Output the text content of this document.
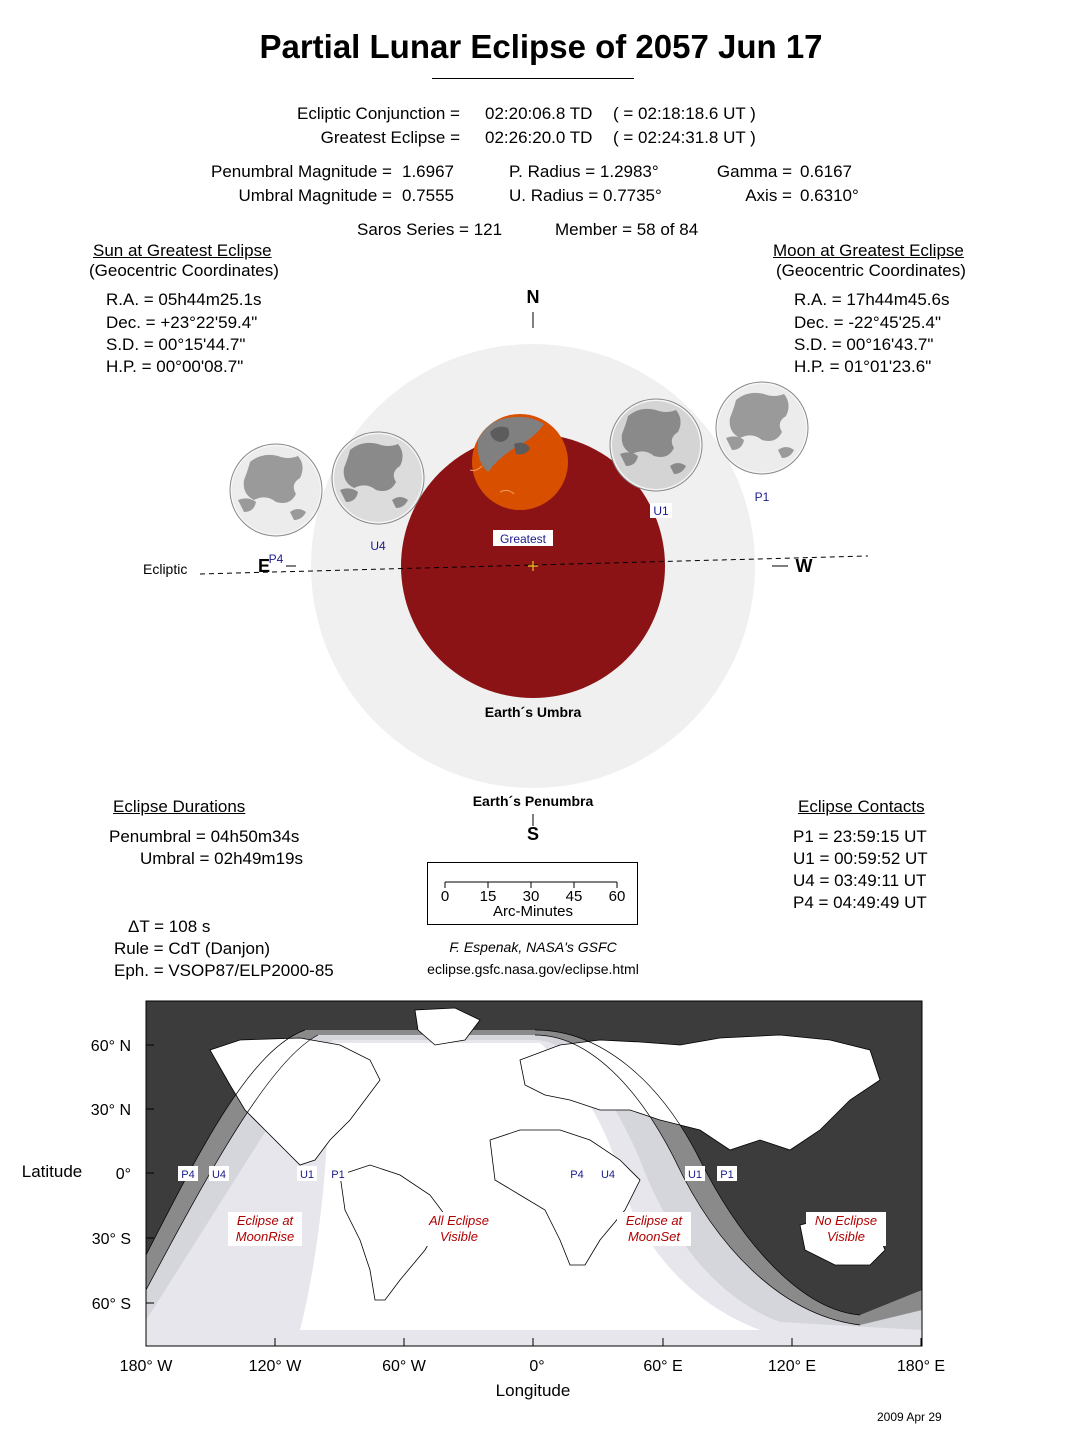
Partial Lunar Eclipse of 2057 Jun 17
Ecliptic Conjunction = 02:20:06.8 TD ( = 02:18:18.6 UT )
Greatest Eclipse = 02:26:20.0 TD ( = 02:24:31.8 UT )
Penumbral Magnitude = 1.6967
Umbral Magnitude = 0.7555
P. Radius = 1.2983°
U. Radius = 0.7735°
Gamma = 0.6167
Axis = 0.6310°
Saros Series = 121	Member = 58 of 84
Sun at Greatest Eclipse
(Geocentric Coordinates)
R.A. = 05h44m25.1s
Dec. = +23°22'59.4"
S.D. = 00°15'44.7"
H.P. = 00°00'08.7"
Moon at Greatest Eclipse
(Geocentric Coordinates)
R.A. = 17h44m45.6s
Dec. = -22°45'25.4"
S.D. = 00°16'43.7"
H.P. = 01°01'23.6"
N
S
E	W
Ecliptic
Greatest
Earth´s Umbra
Earth´s Penumbra
P4
U4
U1
P1
Eclipse Durations
Penumbral = 04h50m34s
Umbral = 02h49m19s
Eclipse Contacts
P1 = 23:59:15 UT
U1 = 00:59:52 UT
U4 = 03:49:11 UT
P4 = 04:49:49 UT
0 15 30 45 60
Arc-Minutes
ΔT = 108 s
Rule = CdT (Danjon)
Eph. = VSOP87/ELP2000-85
F. Espenak, NASA's GSFC
eclipse.gsfc.nasa.gov/eclipse.html
60° N
30° N
0°
30° S
60° S
180° W	120° W	60° W	0°	60° E	120° E	180° E
P4 U4	U1 P1	P4 U4	U1 P1
Eclipse at
MoonRise
All Eclipse
Visible
Eclipse at
MoonSet
No Eclipse
Visible
Latitude
Longitude
2009 Apr 29
